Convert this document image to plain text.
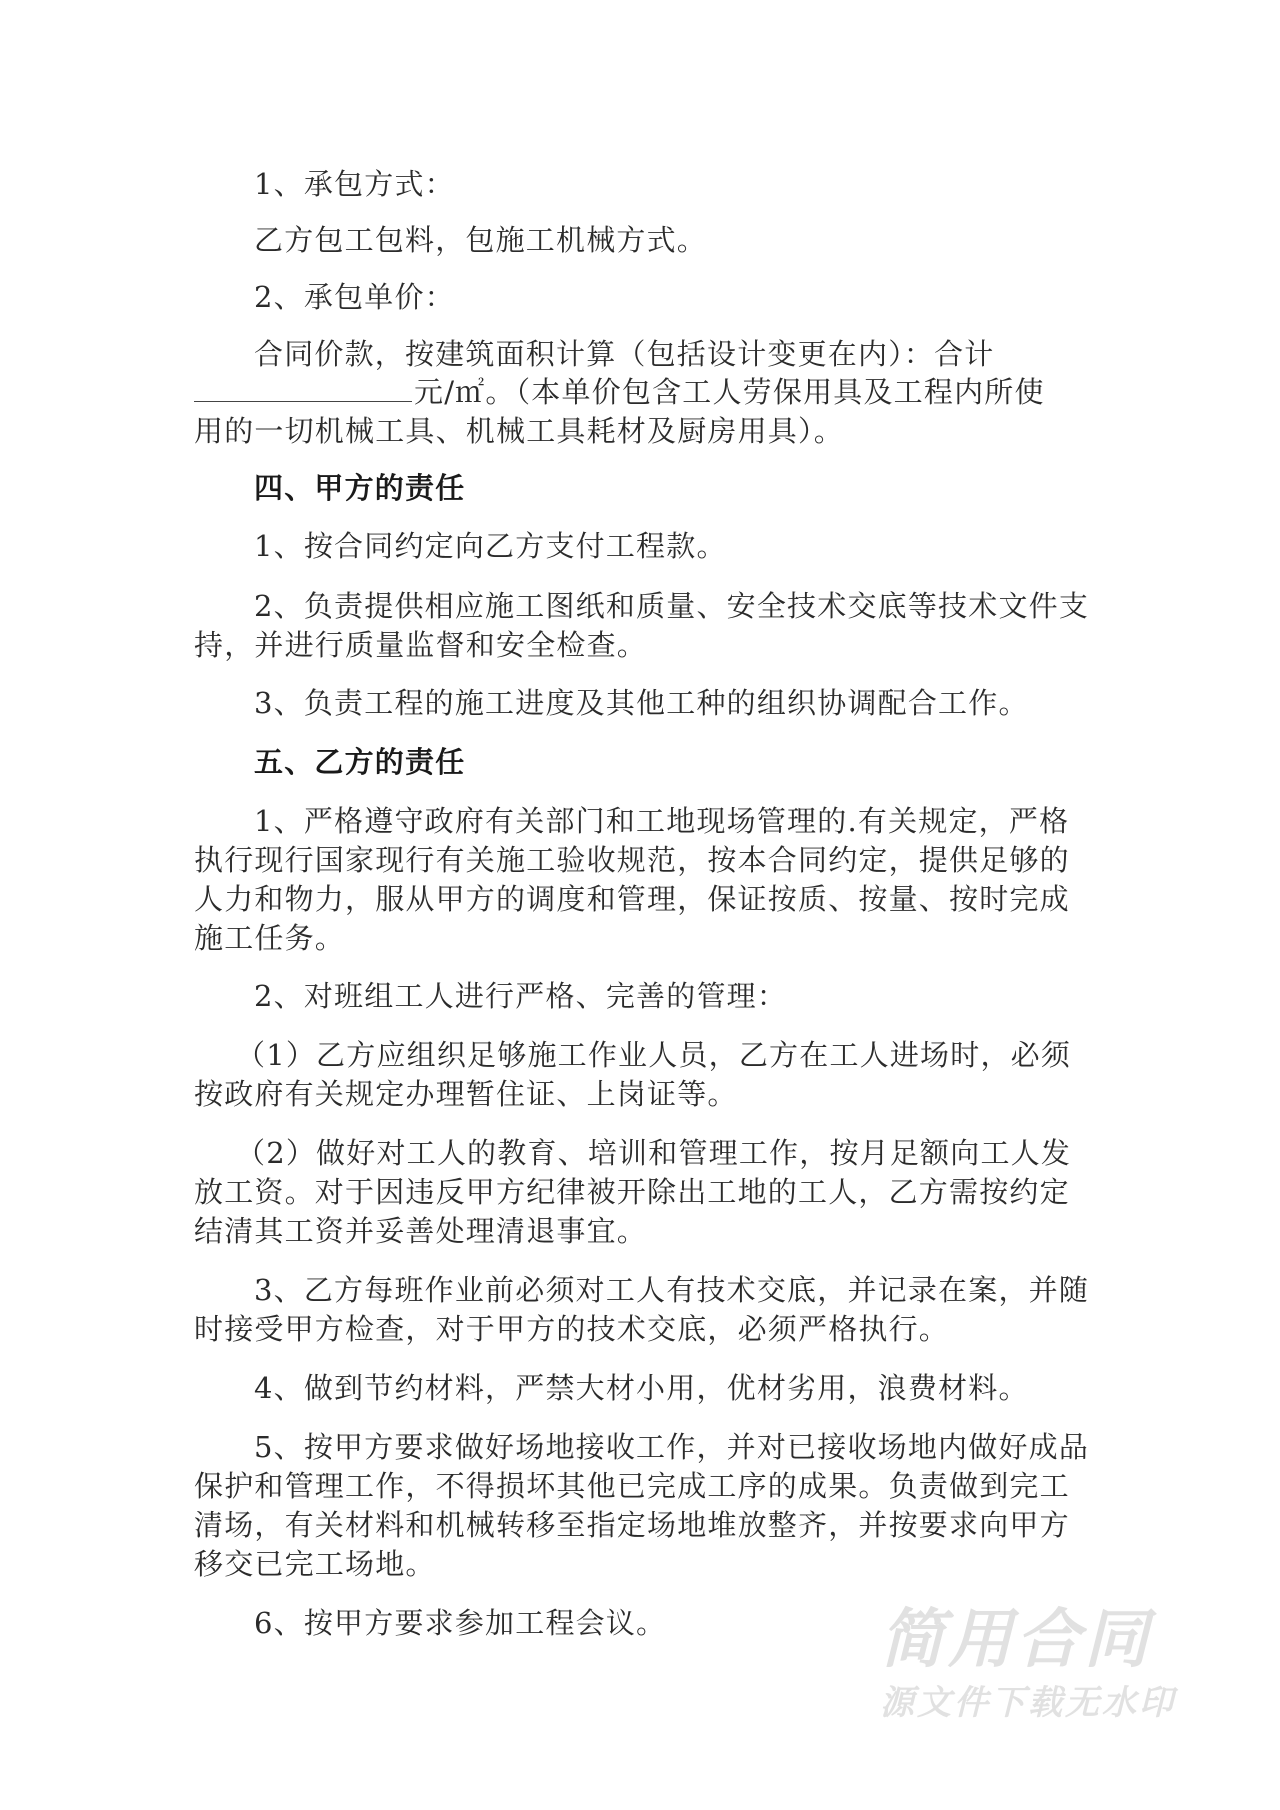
1、承包方式：
乙方包工包料，包施工机械方式。
2、承包单价：
合同价款，按建筑面积计算（包括设计变更在内）：合计
元/㎡。（本单价包含工人劳保用具及工程内所使
用的一切机械工具、机械工具耗材及厨房用具）。
四、甲方的责任
1、按合同约定向乙方支付工程款。
2、负责提供相应施工图纸和质量、安全技术交底等技术文件支
持，并进行质量监督和安全检查。
3、负责工程的施工进度及其他工种的组织协调配合工作。
五、乙方的责任
1、严格遵守政府有关部门和工地现场管理的.有关规定，严格
执行现行国家现行有关施工验收规范，按本合同约定，提供足够的
人力和物力，服从甲方的调度和管理，保证按质、按量、按时完成
施工任务。
2、对班组工人进行严格、完善的管理：
（1）乙方应组织足够施工作业人员，乙方在工人进场时，必须
按政府有关规定办理暂住证、上岗证等。
（2）做好对工人的教育、培训和管理工作，按月足额向工人发
放工资。对于因违反甲方纪律被开除出工地的工人，乙方需按约定
结清其工资并妥善处理清退事宜。
3、乙方每班作业前必须对工人有技术交底，并记录在案，并随
时接受甲方检查，对于甲方的技术交底，必须严格执行。
4、做到节约材料，严禁大材小用，优材劣用，浪费材料。
5、按甲方要求做好场地接收工作，并对已接收场地内做好成品
保护和管理工作，不得损坏其他已完成工序的成果。负责做到完工
清场，有关材料和机械转移至指定场地堆放整齐，并按要求向甲方
移交已完工场地。
6、按甲方要求参加工程会议。	简用合同
源文件下载无水印
